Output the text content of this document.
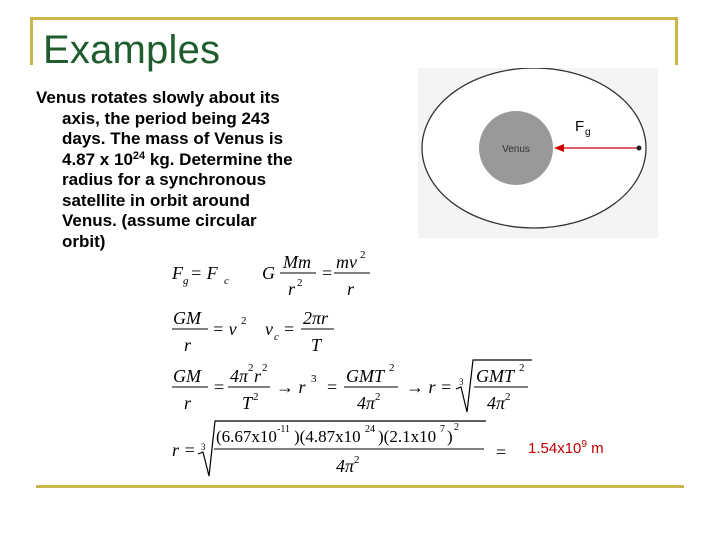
Examples
Venus rotates slowly about its
axis, the period being 243
days. The mass of Venus is
4.87 x $10^{24}$ kg. Determine the
radius for a synchronous
satellite in orbit around
Venus. (assume circular
orbit)
Venus
F g
F g = F c G
Mm
r 2 =
mv 2
r
GM
r
= v 2 v c =
2πr
T
GM
r
=
4π 2 r 2
T 2 → r 3 =
GMT 2
4π 2 → r = 3 GMT 2
4π 2
r = 3
(6.67x10 -11 )(4.87x10 24 )(2.1x10 7 ) 2
4π 2	= $1.54x10^9$ m
